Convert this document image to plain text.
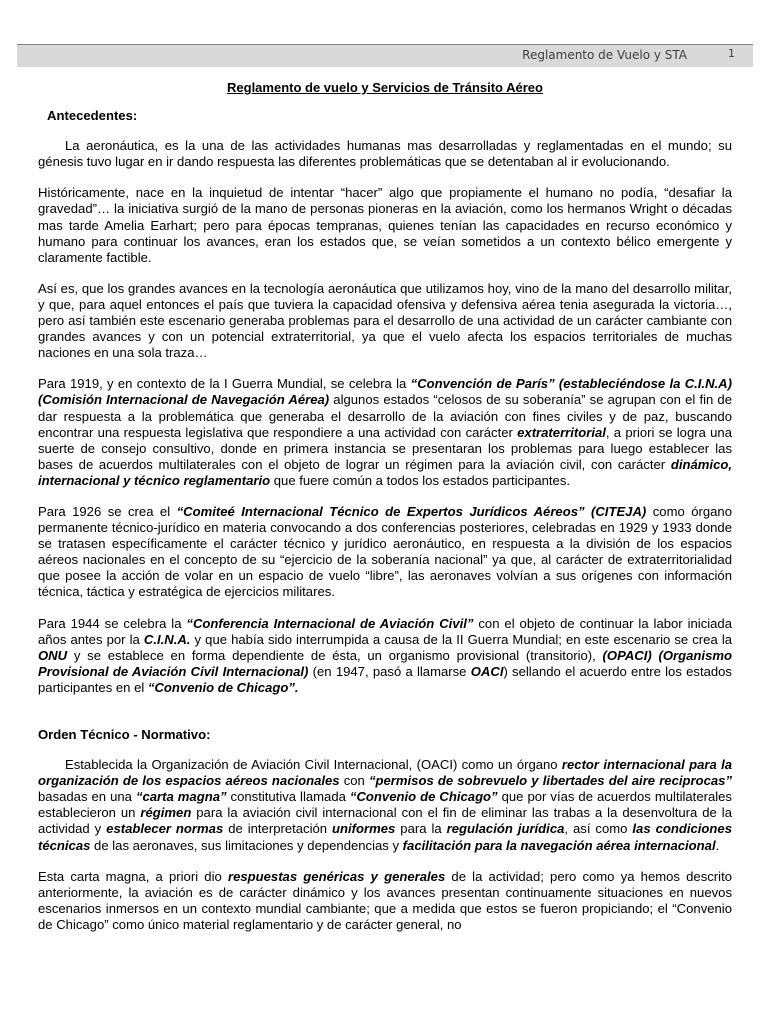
Reglamento de Vuelo y STA	1
Reglamento de vuelo y Servicios de Tránsito Aéreo
Antecedentes:

La aeronáutica, es la una de las actividades humanas mas desarrolladas y reglamentadas en el mundo; su génesis tuvo lugar en ir dando respuesta las diferentes problemáticas que se detentaban al ir evolucionando.

Históricamente, nace en la inquietud de intentar “hacer” algo que propiamente el humano no podía, “desafiar la gravedad”… la iniciativa surgió de la mano de personas pioneras en la aviación, como los hermanos Wright o décadas mas tarde Amelia Earhart; pero para épocas tempranas, quienes tenían las capacidades en recurso económico y humano para continuar los avances, eran los estados que, se veían sometidos a un contexto bélico emergente y claramente factible.

Así es, que los grandes avances en la tecnología aeronáutica que utilizamos hoy, vino de la mano del desarrollo militar, y que, para aquel entonces el país que tuviera la capacidad ofensiva y defensiva aérea tenia asegurada la victoria…, pero así también este escenario generaba problemas para el desarrollo de una actividad de un carácter cambiante con grandes avances y con un potencial extraterritorial, ya que el vuelo afecta los espacios territoriales de muchas naciones en una sola traza…

Para 1919, y en contexto de la I Guerra Mundial, se celebra la “Convención de París” (estableciéndose la C.I.N.A) (Comisión Internacional de Navegación Aérea) algunos estados “celosos de su soberanía” se agrupan con el fin de dar respuesta a la problemática que generaba el desarrollo de la aviación con fines civiles y de paz, buscando encontrar una respuesta legislativa que respondiere a una actividad con carácter extraterritorial, a priori se logra una suerte de consejo consultivo, donde en primera instancia se presentaran los problemas para luego establecer las bases de acuerdos multilaterales con el objeto de lograr un régimen para la aviación civil, con carácter dinámico, internacional y técnico reglamentario que fuere común a todos los estados participantes.

Para 1926 se crea el “Comiteé Internacional Técnico de Expertos Jurídicos Aéreos” (CITEJA) como órgano permanente técnico-jurídico en materia convocando a dos conferencias posteriores, celebradas en 1929 y 1933 donde se tratasen específicamente el carácter técnico y jurídico aeronáutico, en respuesta a la división de los espacios aéreos nacionales en el concepto de su “ejercicio de la soberanía nacional” ya que, al carácter de extraterritorialidad que posee la acción de volar en un espacio de vuelo “libre”, las aeronaves volvían a sus orígenes con información técnica, táctica y estratégica de ejercicios militares.

Para 1944 se celebra la “Conferencia Internacional de Aviación Civil” con el objeto de continuar la labor iniciada años antes por la C.I.N.A. y que había sido interrumpida a causa de la II Guerra Mundial; en este escenario se crea la ONU y se establece en forma dependiente de ésta, un organismo provisional (transitorio), (OPACI) (Organismo Provisional de Aviación Civil Internacional) (en 1947, pasó a llamarse OACI) sellando el acuerdo entre los estados participantes en el “Convenio de Chicago”.

Orden Técnico - Normativo:

Establecida la Organización de Aviación Civil Internacional, (OACI) como un órgano rector internacional para la organización de los espacios aéreos nacionales con “permisos de sobrevuelo y libertades del aire reciprocas” basadas en una “carta magna” constitutiva llamada “Convenio de Chicago” que por vías de acuerdos multilaterales establecieron un régimen para la aviación civil internacional con el fin de eliminar las trabas a la desenvoltura de la actividad y establecer normas de interpretación uniformes para la regulación jurídica, así como las condiciones técnicas de las aeronaves, sus limitaciones y dependencias y facilitación para la navegación aérea internacional.

Esta carta magna, a priori dio respuestas genéricas y generales de la actividad; pero como ya hemos descrito anteriormente, la aviación es de carácter dinámico y los avances presentan continuamente situaciones en nuevos escenarios inmersos en un contexto mundial cambiante; que a medida que estos se fueron propiciando; el “Convenio de Chicago” como único material reglamentario y de carácter general, no
